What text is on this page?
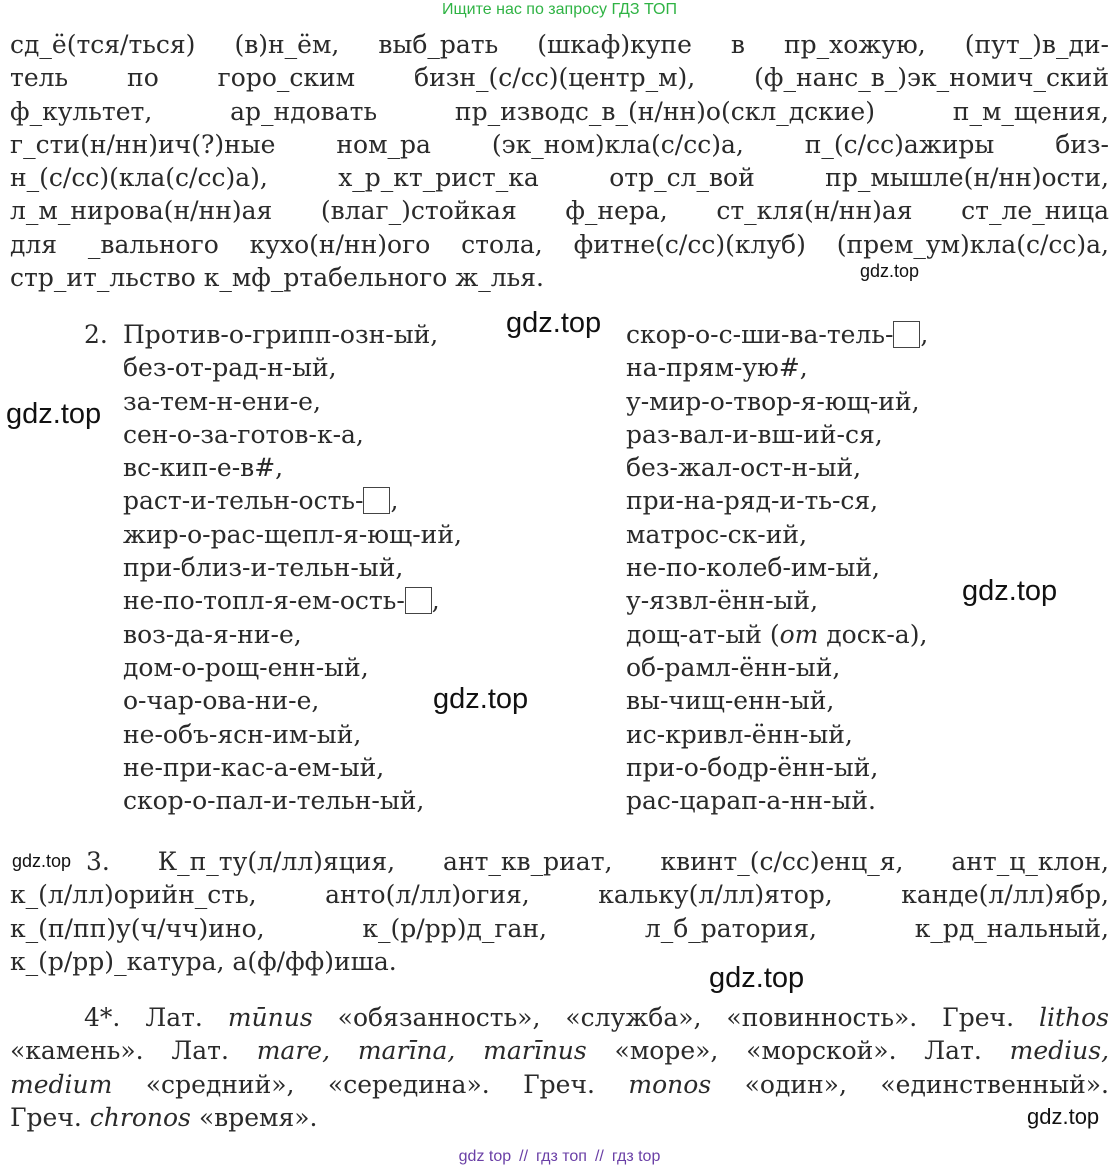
Ищите нас по запросу ГДЗ ТОП
сд_ё(тся/ться) (в)н_ём, выб_рать (шкаф)купе в пр_хожую, (пут_)в_ди-
тель по горо_ским бизн_(с/сс)(центр_м), (ф_нанс_в_)эк_номич_ский
ф_культет, ар_ндовать пр_изводс_в_(н/нн)о(скл_дские) п_м_щения,
г_сти(н/нн)ич(?)ные ном_ра (эк_ном)кла(с/сс)а, п_(с/сс)ажиры биз-
н_(с/сс)(кла(с/сс)а), х_р_кт_рист_ка отр_сл_вой пр_мышле(н/нн)ости,
л_м_нирова(н/нн)ая (влаг_)стойкая ф_нера, ст_кля(н/нн)ая ст_ле_ница
для _вального кухо(н/нн)ого стола, фитне(с/сс)(клуб) (прем_ум)кла(с/сс)а,
стр_ит_льство к_мф_ртабельного ж_лья.
2. Против-о-грипп-озн-ый,
без-от-рад-н-ый,
за-тем-н-ени-е,
сен-о-за-готов-к-а,
вс-кип-е-в#,
раст-и-тельн-ость- ,
жир-о-рас-щепл-я-ющ-ий,
при-близ-и-тельн-ый,
не-по-топл-я-ем-ость- ,
воз-да-я-ни-е,
дом-о-рощ-енн-ый,
о-чар-ова-ни-е,
не-объ-ясн-им-ый,
не-при-кас-а-ем-ый,
скор-о-пал-и-тельн-ый,
скор-о-с-ши-ва-тель- ,
на-прям-ую#,
у-мир-о-твор-я-ющ-ий,
раз-вал-и-вш-ий-ся,
без-жал-ост-н-ый,
при-на-ряд-и-ть-ся,
матрос-ск-ий,
не-по-колеб-им-ый,
у-язвл-ённ-ый,
дощ-ат-ый (от доск-а),
об-рамл-ённ-ый,
вы-чищ-енн-ый,
ис-кривл-ённ-ый,
при-о-бодр-ённ-ый,
рас-царап-а-нн-ый.
3. К_п_ту(л/лл)яция, ант_кв_риат, квинт_(с/сс)енц_я, ант_ц_клон,
к_(л/лл)орийн_сть, анто(л/лл)огия, кальку(л/лл)ятор, канде(л/лл)ябр,
к_(п/пп)у(ч/чч)ино, к_(р/рр)д_ган, л_б_ратория, к_рд_нальный,
к_(р/рр)_катура, а(ф/фф)иша.
4*. Лат. mūnus «обязанность», «служба», «повинность». Греч. lithos
«камень». Лат. mare, marīna, marīnus «море», «морской». Лат. medius,
medium «средний», «середина». Греч. monos «один», «единственный».
Греч. chronos «время».
gdz.top
gdz.top
gdz.top
gdz.top
gdz.top
gdz.top
gdz.top
gdz.top
gdz top // гдз топ // гдз top
